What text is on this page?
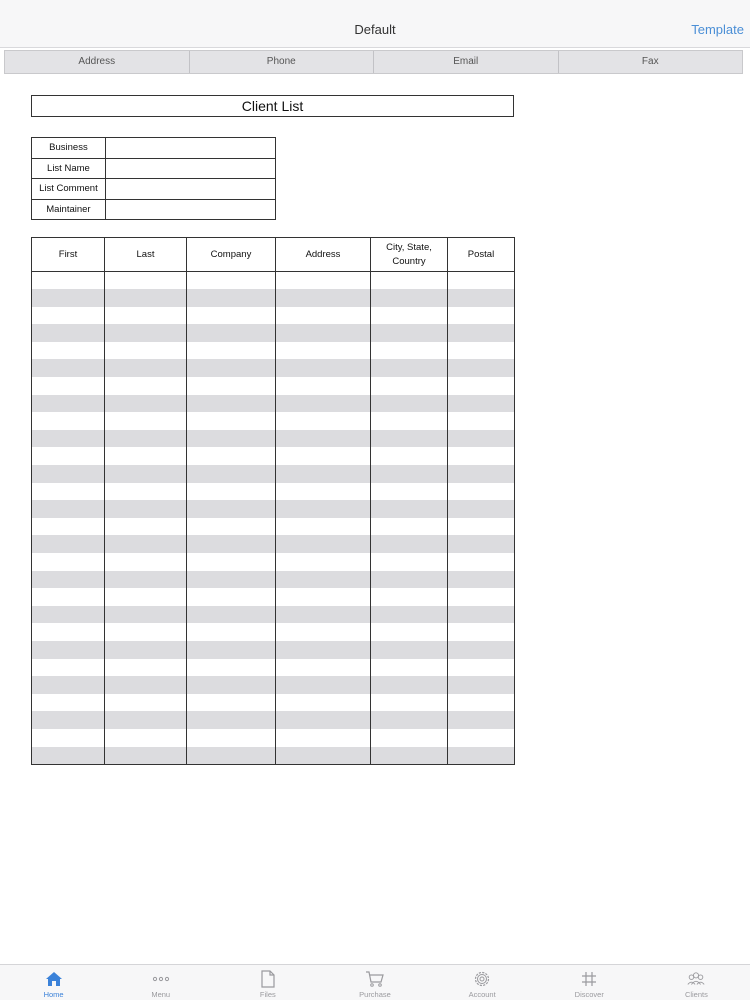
Default	Template
Address	Phone	Email	Fax
Client List
Business	
List Name	
List Comment	
Maintainer	
First	Last	Company	Address	City, State, Country	Postal

Home	Menu	Files	Purchase	Account	Discover	Clients
